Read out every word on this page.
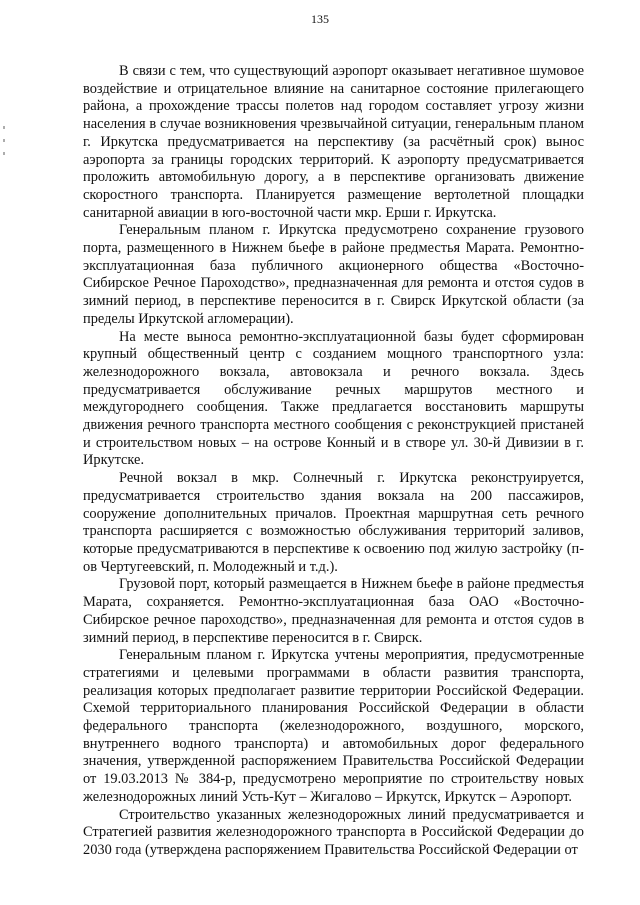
135

В связи с тем, что существующий аэропорт оказывает негативное шумовое воздействие и отрицательное влияние на санитарное состояние прилегающего района, а прохождение трассы полетов над городом составляет угрозу жизни населения в случае возникновения чрезвычайной ситуации, генеральным планом г. Иркутска предусматривается на перспективу (за расчётный срок) вынос аэропорта за границы городских территорий. К аэропорту предусматривается проложить автомобильную дорогу, а в перспективе организовать движение скоростного транспорта. Планируется размещение вертолетной площадки санитарной авиации в юго-восточной части мкр. Ерши г. Иркутска.

Генеральным планом г. Иркутска предусмотрено сохранение грузового порта, размещенного в Нижнем бьефе в районе предместья Марата. Ремонтно-эксплуатационная база публичного акционерного общества «Восточно-Сибирское Речное Пароходство», предназначенная для ремонта и отстоя судов в зимний период, в перспективе переносится в г. Свирск Иркутской области (за пределы Иркутской агломерации).

На месте выноса ремонтно-эксплуатационной базы будет сформирован крупный общественный центр с созданием мощного транспортного узла: железнодорожного вокзала, автовокзала и речного вокзала. Здесь предусматривается обслуживание речных маршрутов местного и междугороднего сообщения. Также предлагается восстановить маршруты движения речного транспорта местного сообщения с реконструкцией пристаней и строительством новых – на острове Конный и в створе ул. 30-й Дивизии в г. Иркутске.

Речной вокзал в мкр. Солнечный г. Иркутска реконструируется, предусматривается строительство здания вокзала на 200 пассажиров, сооружение дополнительных причалов. Проектная маршрутная сеть речного транспорта расширяется с возможностью обслуживания территорий заливов, которые предусматриваются в перспективе к освоению под жилую застройку (п-ов Чертугеевский, п. Молодежный и т.д.).

Грузовой порт, который размещается в Нижнем бьефе в районе предместья Марата, сохраняется. Ремонтно-эксплуатационная база ОАО «Восточно-Сибирское речное пароходство», предназначенная для ремонта и отстоя судов в зимний период, в перспективе переносится в г. Свирск.

Генеральным планом г. Иркутска учтены мероприятия, предусмотренные стратегиями и целевыми программами в области развития транспорта, реализация которых предполагает развитие территории Российской Федерации. Схемой территориального планирования Российской Федерации в области федерального транспорта (железнодорожного, воздушного, морского, внутреннего водного транспорта) и автомобильных дорог федерального значения, утвержденной распоряжением Правительства Российской Федерации от 19.03.2013 № 384-р, предусмотрено мероприятие по строительству новых железнодорожных линий Усть-Кут – Жигалово – Иркутск, Иркутск – Аэропорт.

Строительство указанных железнодорожных линий предусматривается и Стратегией развития железнодорожного транспорта в Российской Федерации до 2030 года (утверждена распоряжением Правительства Российской Федерации от
